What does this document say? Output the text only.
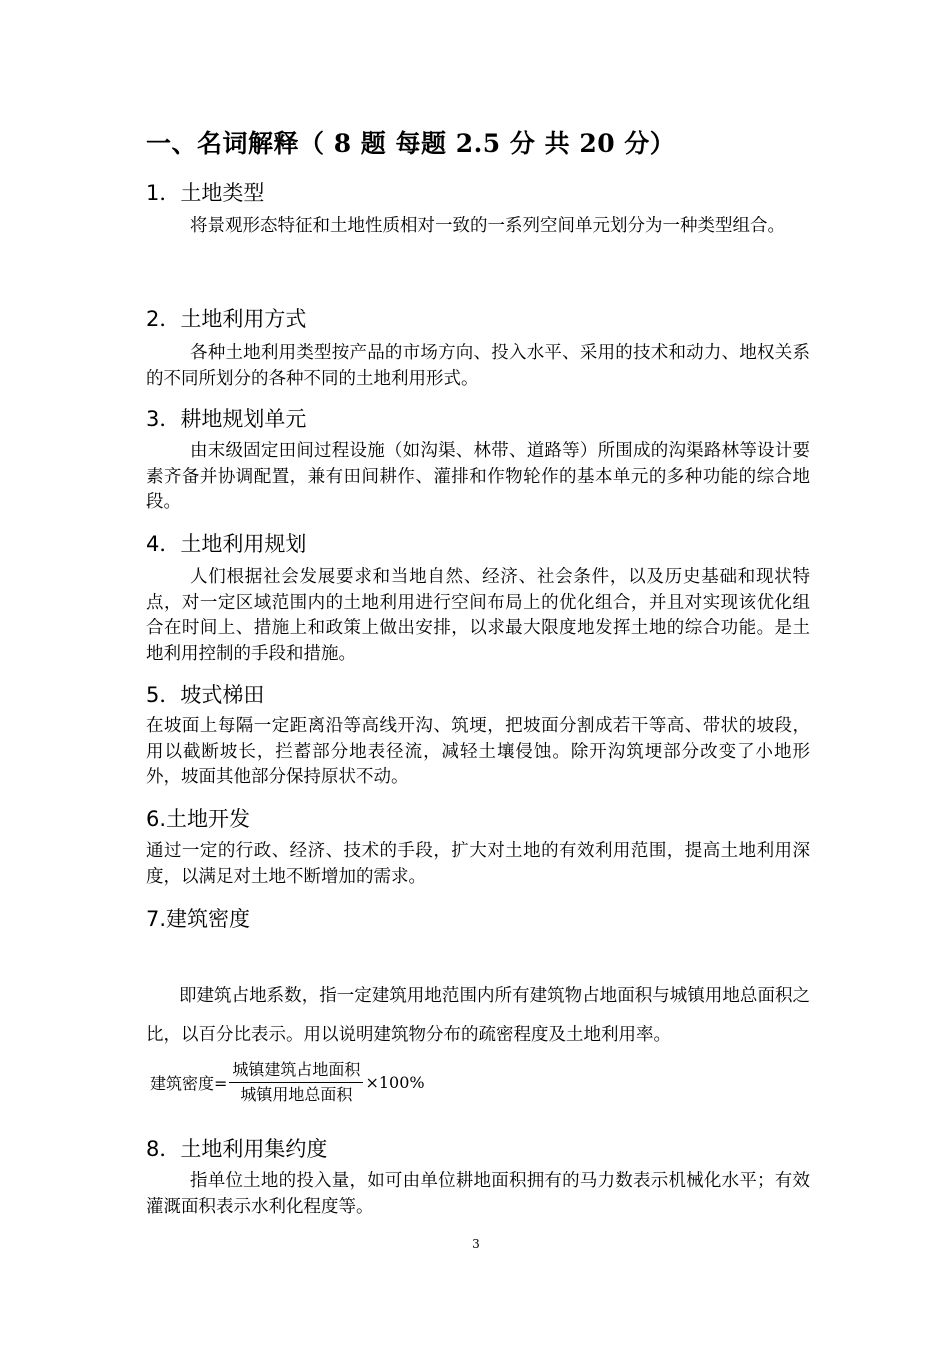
一、名词解释（ 8 题 每题 2.5 分 共 20 分）
1．土地类型
将景观形态特征和土地性质相对一致的一系列空间单元划分为一种类型组合。
2．土地利用方式
各种土地利用类型按产品的市场方向、投入水平、采用的技术和动力、地权关系的不同所划分的各种不同的土地利用形式。
3．耕地规划单元
由末级固定田间过程设施（如沟渠、林带、道路等）所围成的沟渠路林等设计要素齐备并协调配置，兼有田间耕作、灌排和作物轮作的基本单元的多种功能的综合地段。
4．土地利用规划
人们根据社会发展要求和当地自然、经济、社会条件，以及历史基础和现状特点，对一定区域范围内的土地利用进行空间布局上的优化组合，并且对实现该优化组合在时间上、措施上和政策上做出安排，以求最大限度地发挥土地的综合功能。是土地利用控制的手段和措施。
5．坡式梯田
在坡面上每隔一定距离沿等高线开沟、筑埂，把坡面分割成若干等高、带状的坡段，用以截断坡长，拦蓄部分地表径流，减轻土壤侵蚀。除开沟筑埂部分改变了小地形外，坡面其他部分保持原状不动。
6.土地开发
通过一定的行政、经济、技术的手段，扩大对土地的有效利用范围，提高土地利用深度，以满足对土地不断增加的需求。
7.建筑密度
即建筑占地系数，指一定建筑用地范围内所有建筑物占地面积与城镇用地总面积之比，以百分比表示。用以说明建筑物分布的疏密程度及土地利用率。
建筑密度= $\frac{\text{城镇建筑占地面积}}{\text{城镇用地总面积}} \times 100\%$
8．土地利用集约度
指单位土地的投入量，如可由单位耕地面积拥有的马力数表示机械化水平；有效灌溉面积表示水利化程度等。
3
